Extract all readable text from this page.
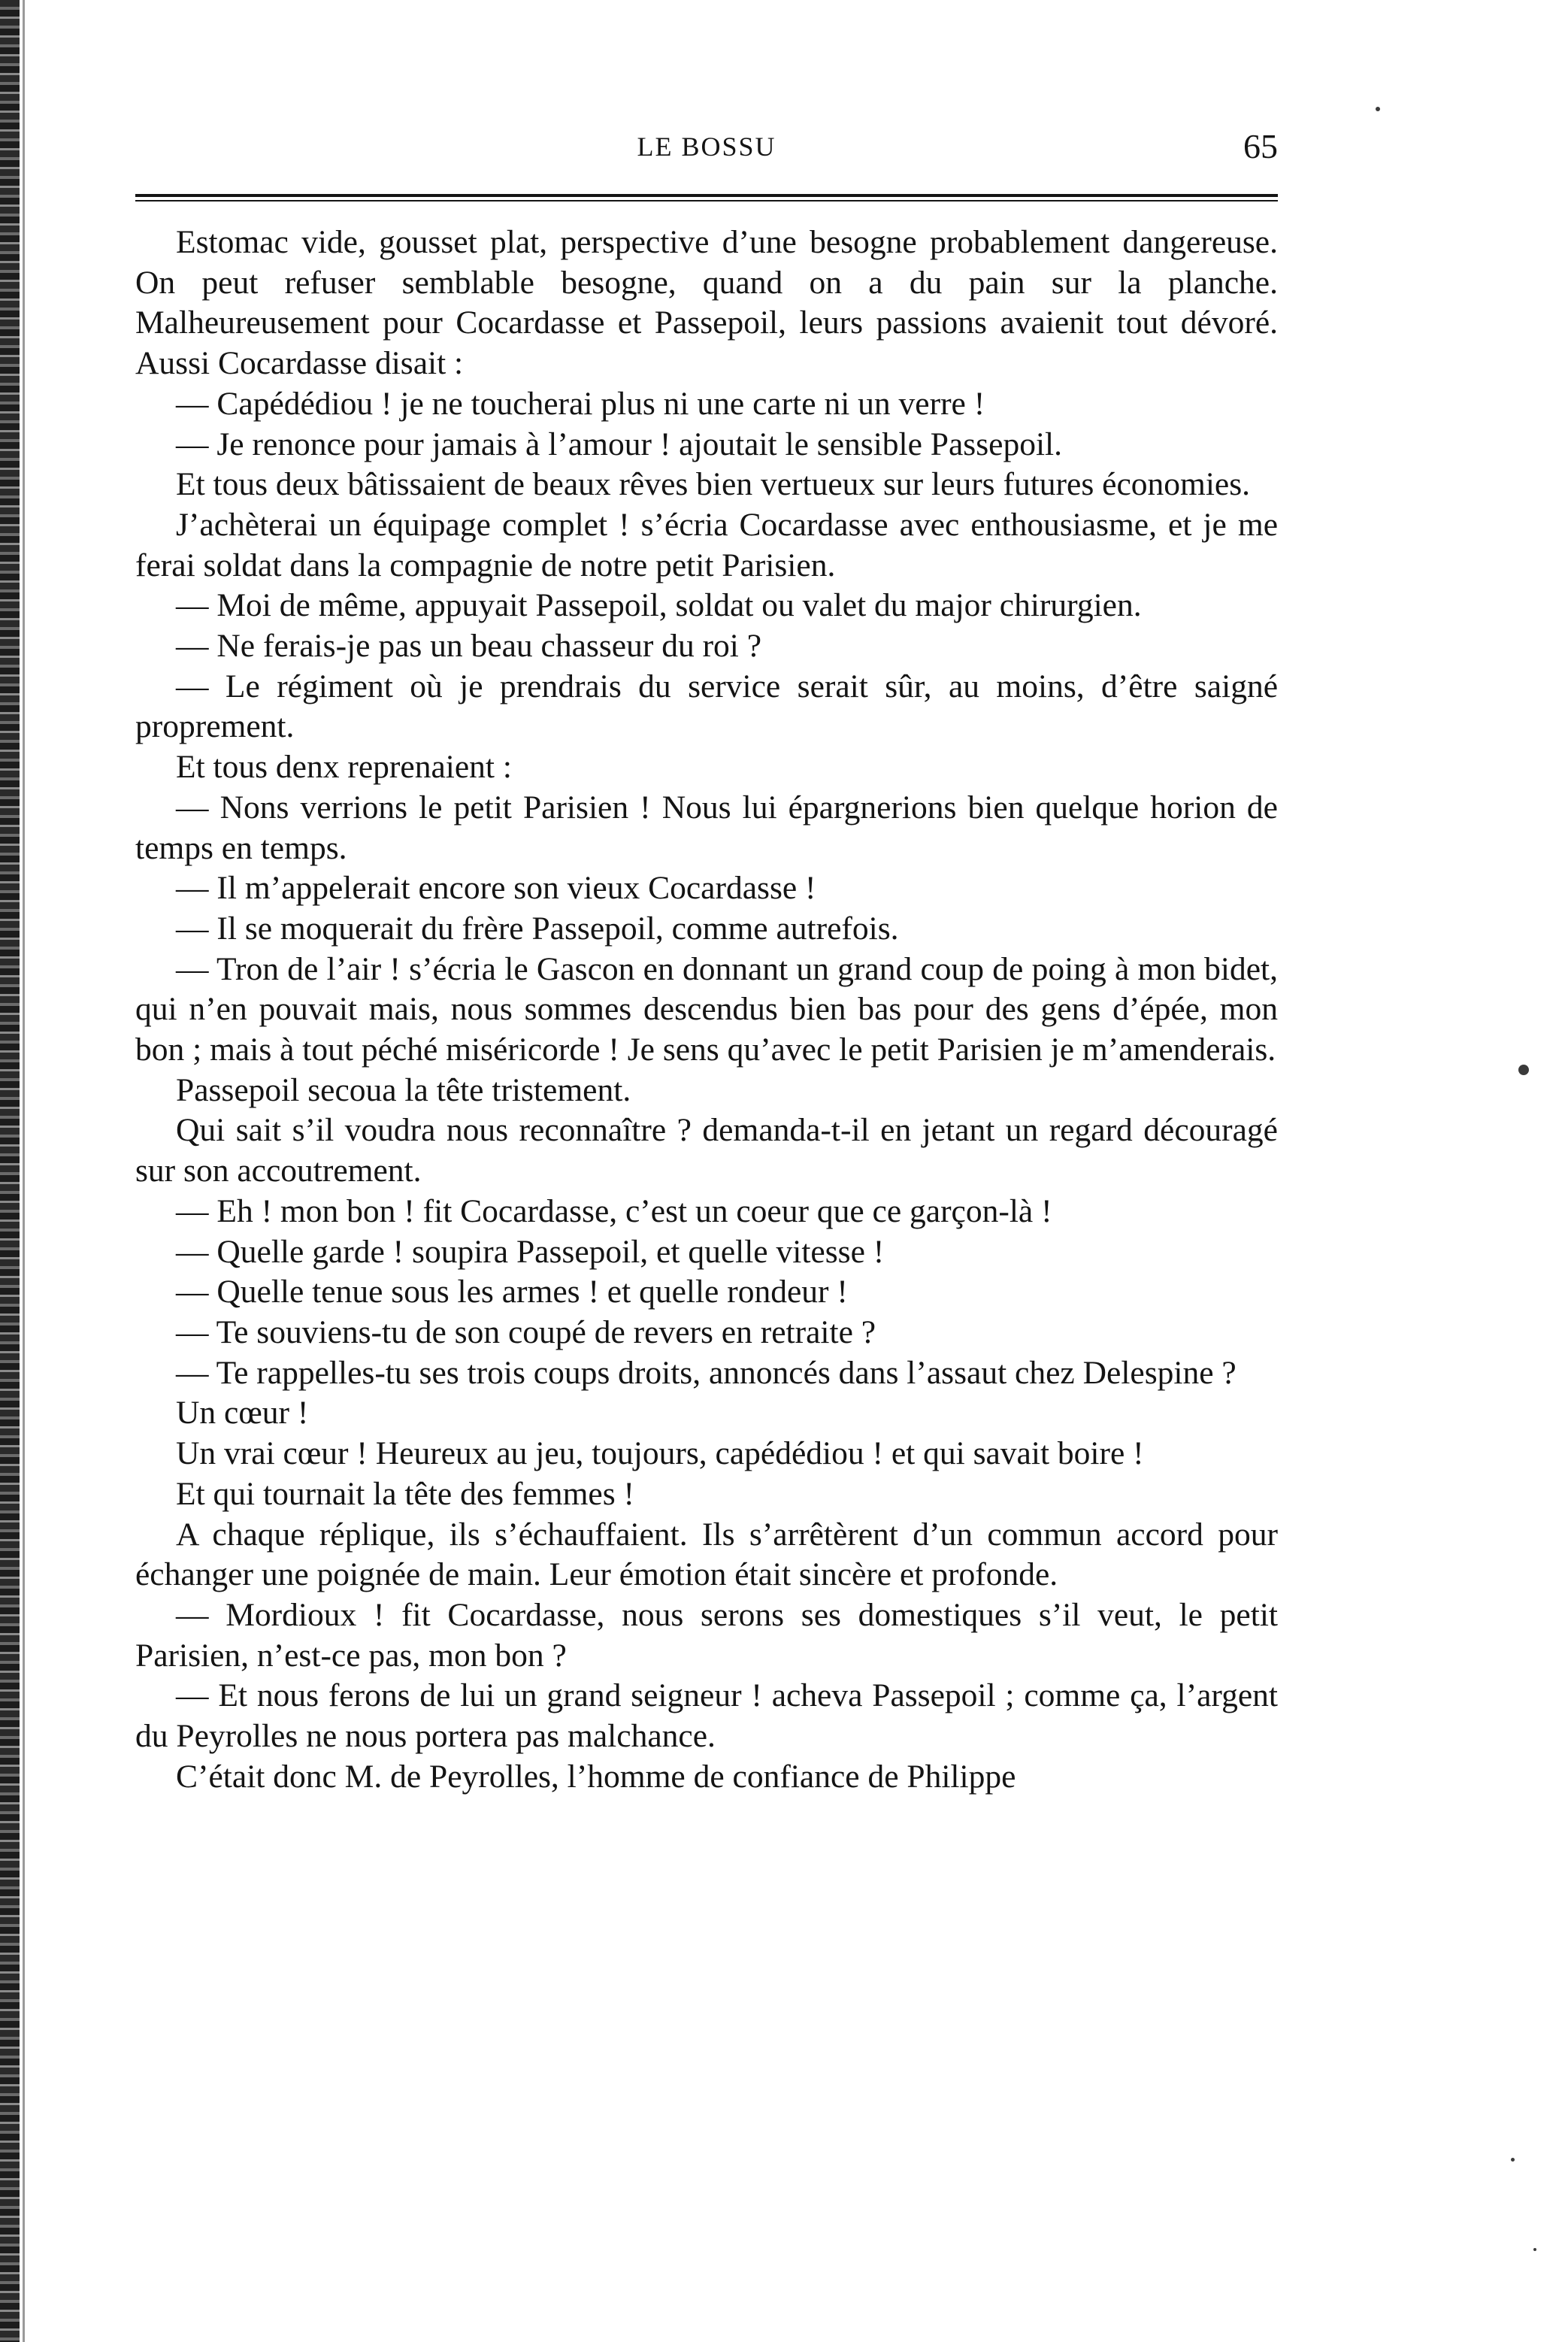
LE BOSSU	65

Estomac vide, gousset plat, perspective d’une besogne probablement dangereuse. On peut refuser semblable besogne, quand on a du pain sur la planche. Malheureusement pour Cocardasse et Passepoil, leurs passions avaienit tout dévoré. Aussi Cocardasse disait :

— Capédédiou ! je ne toucherai plus ni une carte ni un verre !

— Je renonce pour jamais à l’amour ! ajoutait le sensible Passepoil.

Et tous deux bâtissaient de beaux rêves bien vertueux sur leurs futures économies.

J’achèterai un équipage complet ! s’écria Cocardasse avec enthousiasme, et je me ferai soldat dans la compagnie de notre petit Parisien.

— Moi de même, appuyait Passepoil, soldat ou valet du major chirurgien.

— Ne ferais-je pas un beau chasseur du roi ?

— Le régiment où je prendrais du service serait sûr, au moins, d’être saigné proprement.

Et tous denx reprenaient :

— Nons verrions le petit Parisien ! Nous lui épargnerions bien quelque horion de temps en temps.

— Il m’appelerait encore son vieux Cocardasse !

— Il se moquerait du frère Passepoil, comme autrefois.

— Tron de l’air ! s’écria le Gascon en donnant un grand coup de poing à mon bidet, qui n’en pouvait mais, nous sommes descendus bien bas pour des gens d’épée, mon bon ; mais à tout péché miséricorde ! Je sens qu’avec le petit Parisien je m’amenderais.

Passepoil secoua la tête tristement.

Qui sait s’il voudra nous reconnaître ? demanda-t-il en jetant un regard découragé sur son accoutrement.

— Eh ! mon bon ! fit Cocardasse, c’est un coeur que ce garçon-là !

— Quelle garde ! soupira Passepoil, et quelle vitesse !

— Quelle tenue sous les armes ! et quelle rondeur !

— Te souviens-tu de son coupé de revers en retraite ?

— Te rappelles-tu ses trois coups droits, annoncés dans l’assaut chez Delespine ?

Un cœur !

Un vrai cœur ! Heureux au jeu, toujours, capédédiou ! et qui savait boire !

Et qui tournait la tête des femmes !

A chaque réplique, ils s’échauffaient. Ils s’arrêtèrent d’un commun accord pour échanger une poignée de main. Leur émotion était sincère et profonde.

— Mordioux ! fit Cocardasse, nous serons ses domestiques s’il veut, le petit Parisien, n’est-ce pas, mon bon ?

— Et nous ferons de lui un grand seigneur ! acheva Passepoil ; comme ça, l’argent du Peyrolles ne nous portera pas malchance.

C’était donc M. de Peyrolles, l’homme de confiance de Philippe
